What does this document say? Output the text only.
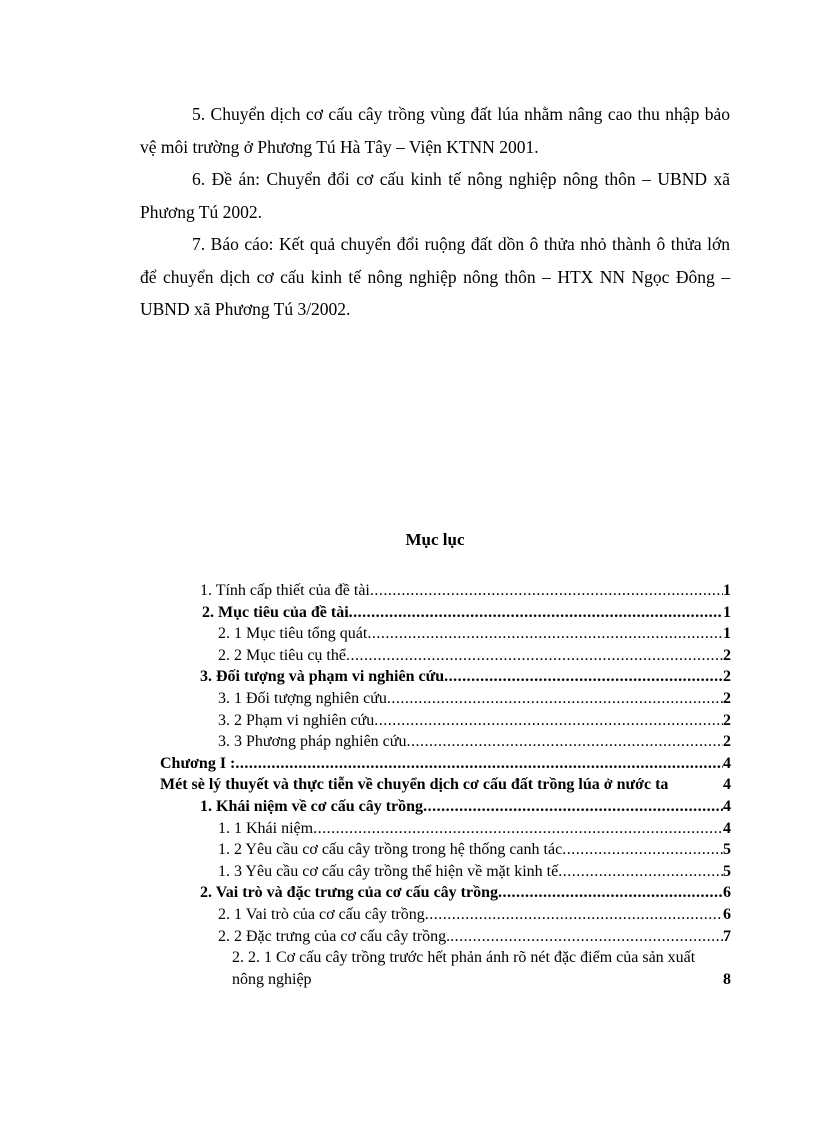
5. Chuyển dịch cơ cấu cây trồng vùng đất lúa nhằm nâng cao thu nhập bảo vệ môi trường ở Phương Tú Hà Tây – Viện KTNN 2001.

6. Đề án: Chuyển đổi cơ cấu kinh tế nông nghiệp nông thôn – UBND xã Phương Tú 2002.

7. Báo cáo: Kết quả chuyển đổi ruộng đất dồn ô thửa nhỏ thành ô thửa lớn để chuyển dịch cơ cấu kinh tế nông nghiệp nông thôn – HTX NN Ngọc Đông – UBND xã Phương Tú 3/2002.

Mục lục

1. Tính cấp thiết của đề tài .....	1
2. Mục tiêu của đề tài .....	1
2. 1 Mục tiêu tổng quát .....	1
2. 2 Mục tiêu cụ thể .....	2
3. Đối tượng và phạm vi nghiên cứu .....	2
3. 1 Đối tượng nghiên cứu .....	2
3. 2 Phạm vi nghiên cứu .....	2
3. 3 Phương pháp nghiên cứu .....	2
Chương I : .....	4
Mét sè lý thuyết và thực tiễn về chuyển dịch cơ cấu đất trồng lúa ở nước ta	4
1. Khái niệm về cơ cấu cây trồng .....	4
1. 1 Khái niệm .....	4
1. 2 Yêu cầu cơ cấu cây trồng trong hệ thống canh tác .....	5
1. 3 Yêu cầu cơ cấu cây trồng thể hiện về mặt kinh tế .....	5
2. Vai trò và đặc trưng của cơ cấu cây trồng .....	6
2. 1 Vai trò của cơ cấu cây trồng .....	6
2. 2 Đặc trưng của cơ cấu cây trồng. .....	7
2. 2. 1 Cơ cấu cây trồng trước hết phản ánh rõ nét đặc điểm của sản xuất nông nghiệp	8
